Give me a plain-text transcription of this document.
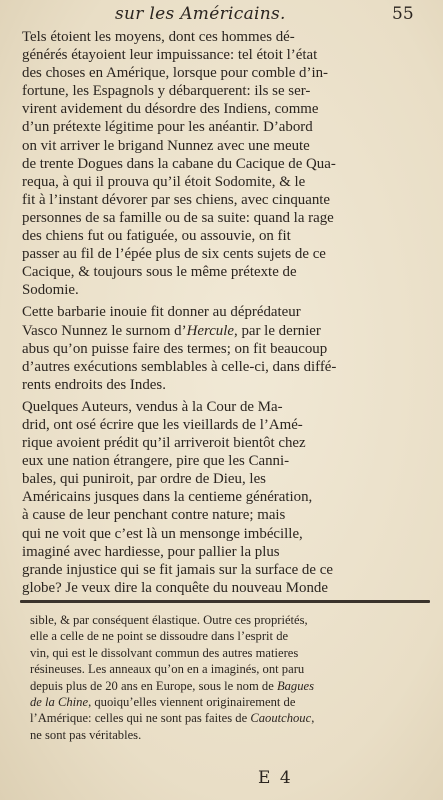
sur les Américains.	55
Tels étoient les moyens, dont ces hommes dé-
générés étayoient leur impuissance: tel étoit l’état
des choses en Amérique, lorsque pour comble d’in-
fortune, les Espagnols y débarquerent: ils se ser-
virent avidement du désordre des Indiens, comme
d’un prétexte légitime pour les anéantir. D’abord
on vit arriver le brigand Nunnez avec une meute
de trente Dogues dans la cabane du Cacique de Qua-
requa, à qui il prouva qu’il étoit Sodomite, & le
fit à l’instant dévorer par ses chiens, avec cinquante
personnes de sa famille ou de sa suite: quand la rage
des chiens fut ou fatiguée, ou assouvie, on fit
passer au fil de l’épée plus de six cents sujets de ce
Cacique, & toujours sous le même prétexte de
Sodomie.
Cette barbarie inouie fit donner au déprédateur
Vasco Nunnez le surnom d’Hercule, par le dernier
abus qu’on puisse faire des termes; on fit beaucoup
d’autres exécutions semblables à celle-ci, dans diffé-
rents endroits des Indes.
Quelques Auteurs, vendus à la Cour de Ma-
drid, ont osé écrire que les vieillards de l’Amé-
rique avoient prédit qu’il arriveroit bientôt chez
eux une nation étrangere, pire que les Canni-
bales, qui puniroit, par ordre de Dieu, les
Américains jusques dans la centieme génération,
à cause de leur penchant contre nature; mais
qui ne voit que c’est là un mensonge imbécille,
imaginé avec hardiesse, pour pallier la plus
grande injustice qui se fit jamais sur la surface de ce
globe? Je veux dire la conquête du nouveau Monde
sible, & par conséquent élastique. Outre ces propriétés,
elle a celle de ne point se dissoudre dans l’esprit de
vin, qui est le dissolvant commun des autres matieres
résineuses. Les anneaux qu’on en a imaginés, ont paru
depuis plus de 20 ans en Europe, sous le nom de Bagues
de la Chine, quoiqu’elles viennent originairement de
l’Amérique: celles qui ne sont pas faites de Caoutchouc,
ne sont pas véritables.
E 4
